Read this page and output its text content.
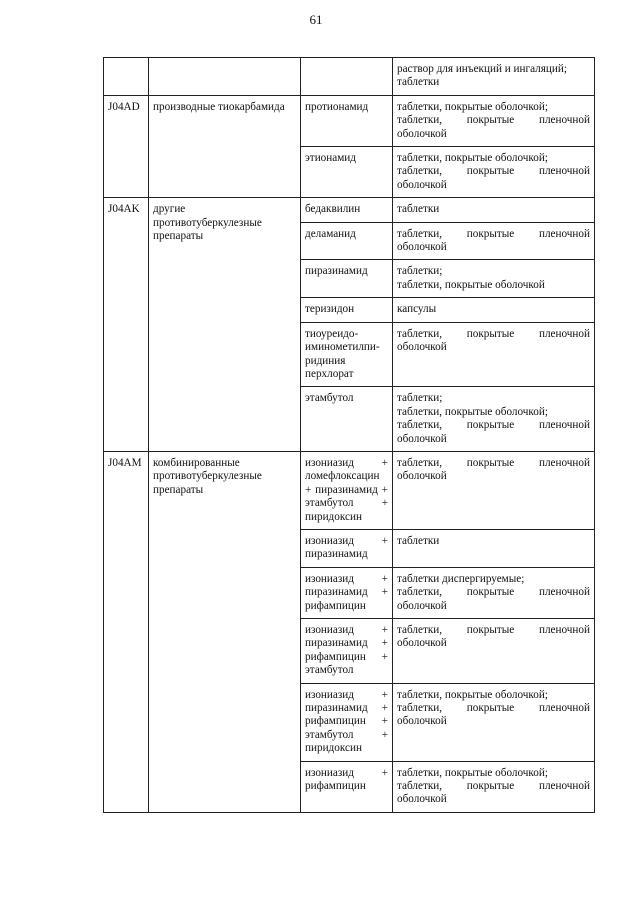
61

			раствор для инъекций и ингаляций;
таблетки

J04AD	производные тиокарбамида	протионамид	таблетки, покрытые оболочкой;
таблетки, покрытые пленочной
оболочкой

		этионамид	таблетки, покрытые оболочкой;
таблетки, покрытые пленочной
оболочкой

J04AK	другие противотуберкулезные препараты	бедаквилин	таблетки

		деламанид	таблетки, покрытые пленочной
оболочкой

		пиразинамид	таблетки;
таблетки, покрытые оболочкой

		теризидон	капсулы

		тиоуреидо-
иминометилпи-
ридиния
перхлорат	таблетки, покрытые пленочной
оболочкой

		этамбутол	таблетки;
таблетки, покрытые оболочкой;
таблетки, покрытые пленочной
оболочкой

J04AM	комбинированные противотуберкулезные препараты	изониазид +
ломефлоксацин
+ пиразинамид +
этамбутол +
пиридоксин	таблетки, покрытые пленочной
оболочкой

		изониазид +
пиразинамид	таблетки

		изониазид +
пиразинамид +
рифампицин	таблетки диспергируемые;
таблетки, покрытые пленочной
оболочкой

		изониазид +
пиразинамид +
рифампицин +
этамбутол	таблетки, покрытые пленочной
оболочкой

		изониазид +
пиразинамид +
рифампицин +
этамбутол +
пиридоксин	таблетки, покрытые оболочкой;
таблетки, покрытые пленочной
оболочкой

		изониазид +
рифампицин	таблетки, покрытые оболочкой;
таблетки, покрытые пленочной
оболочкой
